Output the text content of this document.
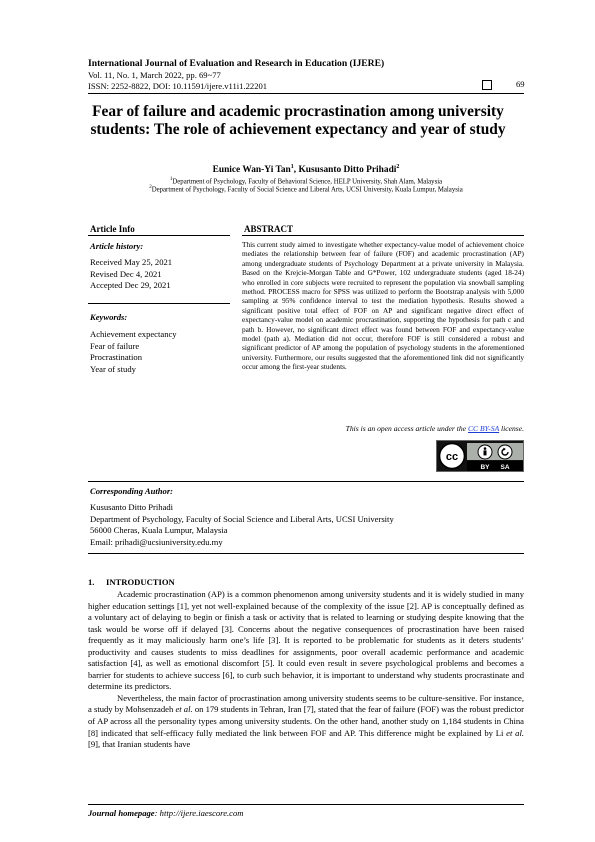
International Journal of Evaluation and Research in Education (IJERE)
Vol. 11, No. 1, March 2022, pp. 69~77
ISSN: 2252-8822, DOI: 10.11591/ijere.v11i1.22201	69
Fear of failure and academic procrastination among university
students: The role of achievement expectancy and year of study
Eunice Wan-Yi Tan$^1$, Kususanto Ditto Prihadi$^2$
$^1$Department of Psychology, Faculty of Behavioral Science, HELP University, Shah Alam, Malaysia
$^2$Department of Psychology, Faculty of Social Science and Liberal Arts, UCSI University, Kuala Lumpur, Malaysia
Article Info
Article history:
Received May 25, 2021
Revised Dec 4, 2021
Accepted Dec 29, 2021
Keywords:
Achievement expectancy
Fear of failure
Procrastination
Year of study
ABSTRACT
This current study aimed to investigate whether expectancy-value model of achievement choice mediates the relationship between fear of failure (FOF) and academic procrastination (AP) among undergraduate students of Psychology Department at a private university in Malaysia. Based on the Krejcie-Morgan Table and G*Power, 102 undergraduate students (aged 18-24) who enrolled in core subjects were recruited to represent the population via snowball sampling method. PROCESS macro for SPSS was utilized to perform the Bootstrap analysis with 5,000 sampling at 95% confidence interval to test the mediation hypothesis. Results showed a significant positive total effect of FOF on AP and significant negative direct effect of expectancy-value model on academic procrastination, supporting the hypothesis for path c and path b. However, no significant direct effect was found between FOF and expectancy-value model (path a). Mediation did not occur, therefore FOF is still considered a robust and significant predictor of AP among the population of psychology students in the aforementioned university. Furthermore, our results suggested that the aforementioned link did not significantly occur among the first-year students.
This is an open access article under the CC BY-SA license.
cc
BY SA
Corresponding Author:
Kususanto Ditto Prihadi
Department of Psychology, Faculty of Social Science and Liberal Arts, UCSI University
56000 Cheras, Kuala Lumpur, Malaysia
Email: prihadi@ucsiuniversity.edu.my
1. INTRODUCTION

Academic procrastination (AP) is a common phenomenon among university students and it is widely studied in many higher education settings [1], yet not well-explained because of the complexity of the issue [2]. AP is conceptually defined as a voluntary act of delaying to begin or finish a task or activity that is related to learning or studying despite knowing that the task would be worse off if delayed [3]. Concerns about the negative consequences of procrastination have been raised frequently as it may maliciously harm one’s life [3]. It is reported to be problematic for students as it deters students’ productivity and causes students to miss deadlines for assignments, poor overall academic performance and academic satisfaction [4], as well as emotional discomfort [5]. It could even result in severe psychological problems and becomes a barrier for students to achieve success [6], to curb such behavior, it is important to understand why students procrastinate and determine its predictors.

Nevertheless, the main factor of procrastination among university students seems to be culture-sensitive. For instance, a study by Mohsenzadeh et al. on 179 students in Tehran, Iran [7], stated that the fear of failure (FOF) was the robust predictor of AP across all the personality types among university students. On the other hand, another study on 1,184 students in China [8] indicated that self-efficacy fully mediated the link between FOF and AP. This difference might be explained by Li et al. [9], that Iranian students have

Journal homepage: http://ijere.iaescore.com
